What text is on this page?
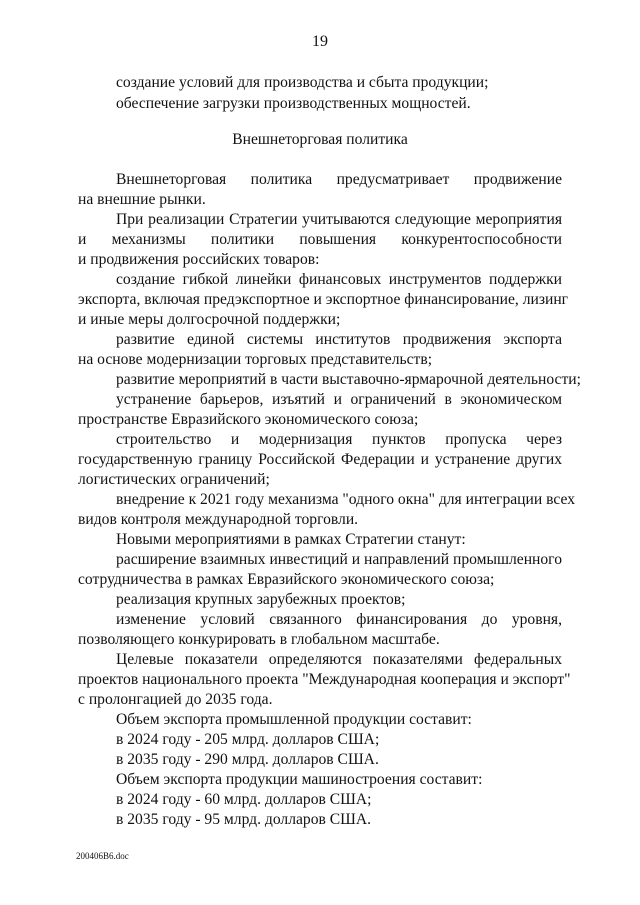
19
создание условий для производства и сбыта продукции;
обеспечение загрузки производственных мощностей.
Внешнеторговая политика
Внешнеторговая политика предусматривает продвижение
на внешние рынки.
При реализации Стратегии учитываются следующие мероприятия
и механизмы политики повышения конкурентоспособности
и продвижения российских товаров:
создание гибкой линейки финансовых инструментов поддержки
экспорта, включая предэкспортное и экспортное финансирование, лизинг
и иные меры долгосрочной поддержки;
развитие единой системы институтов продвижения экспорта
на основе модернизации торговых представительств;
развитие мероприятий в части выставочно-ярмарочной деятельности;
устранение барьеров, изъятий и ограничений в экономическом
пространстве Евразийского экономического союза;
строительство и модернизация пунктов пропуска через
государственную границу Российской Федерации и устранение других
логистических ограничений;
внедрение к 2021 году механизма "одного окна" для интеграции всех
видов контроля международной торговли.
Новыми мероприятиями в рамках Стратегии станут:
расширение взаимных инвестиций и направлений промышленного
сотрудничества в рамках Евразийского экономического союза;
реализация крупных зарубежных проектов;
изменение условий связанного финансирования до уровня,
позволяющего конкурировать в глобальном масштабе.
Целевые показатели определяются показателями федеральных
проектов национального проекта "Международная кооперация и экспорт"
с пролонгацией до 2035 года.
Объем экспорта промышленной продукции составит:
в 2024 году - 205 млрд. долларов США;
в 2035 году - 290 млрд. долларов США.
Объем экспорта продукции машиностроения составит:
в 2024 году - 60 млрд. долларов США;
в 2035 году - 95 млрд. долларов США.
200406В6.doc
